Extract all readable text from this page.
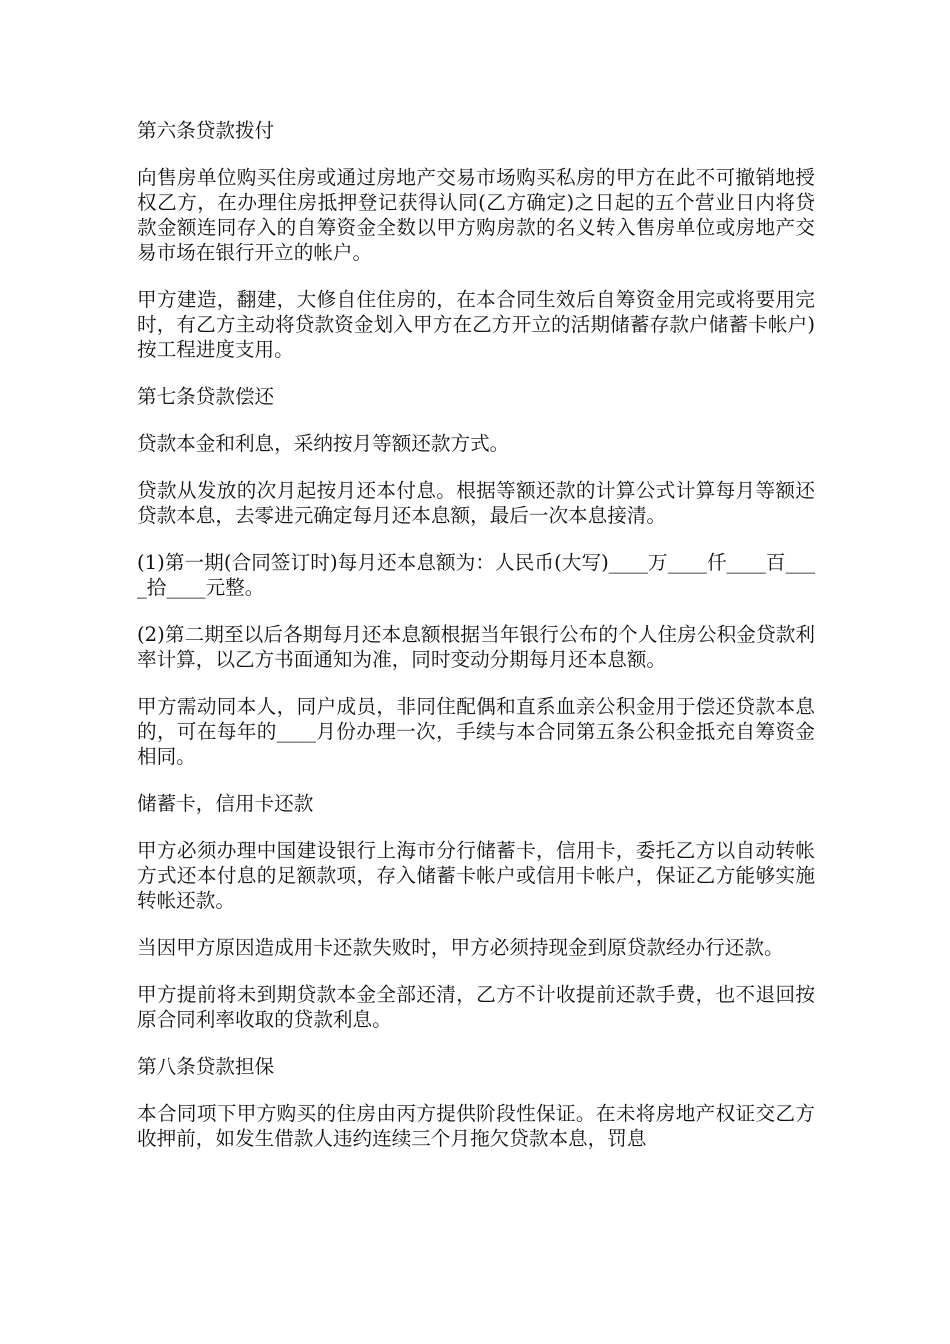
第六条贷款拨付

向售房单位购买住房或通过房地产交易市场购买私房的甲方在此不可撤销地授权乙方，在办理住房抵押登记获得认同(乙方确定)之日起的五个营业日内将贷款金额连同存入的自筹资金全数以甲方购房款的名义转入售房单位或房地产交易市场在银行开立的帐户。

甲方建造，翻建，大修自住住房的，在本合同生效后自筹资金用完或将要用完时，有乙方主动将贷款资金划入甲方在乙方开立的活期储蓄存款户储蓄卡帐户)按工程进度支用。

第七条贷款偿还

贷款本金和利息，采纳按月等额还款方式。

贷款从发放的次月起按月还本付息。根据等额还款的计算公式计算每月等额还贷款本息，去零进元确定每月还本息额，最后一次本息接清。

(1)第一期(合同签订时)每月还本息额为：人民币(大写)____万____仟____百____拾____元整。

(2)第二期至以后各期每月还本息额根据当年银行公布的个人住房公积金贷款利率计算，以乙方书面通知为准，同时变动分期每月还本息额。

甲方需动同本人，同户成员，非同住配偶和直系血亲公积金用于偿还贷款本息的，可在每年的____月份办理一次，手续与本合同第五条公积金抵充自筹资金相同。

储蓄卡，信用卡还款

甲方必须办理中国建设银行上海市分行储蓄卡，信用卡，委托乙方以自动转帐方式还本付息的足额款项，存入储蓄卡帐户或信用卡帐户，保证乙方能够实施转帐还款。

当因甲方原因造成用卡还款失败时，甲方必须持现金到原贷款经办行还款。

甲方提前将未到期贷款本金全部还清，乙方不计收提前还款手费，也不退回按原合同利率收取的贷款利息。

第八条贷款担保

本合同项下甲方购买的住房由丙方提供阶段性保证。在未将房地产权证交乙方收押前，如发生借款人违约连续三个月拖欠贷款本息，罚息
